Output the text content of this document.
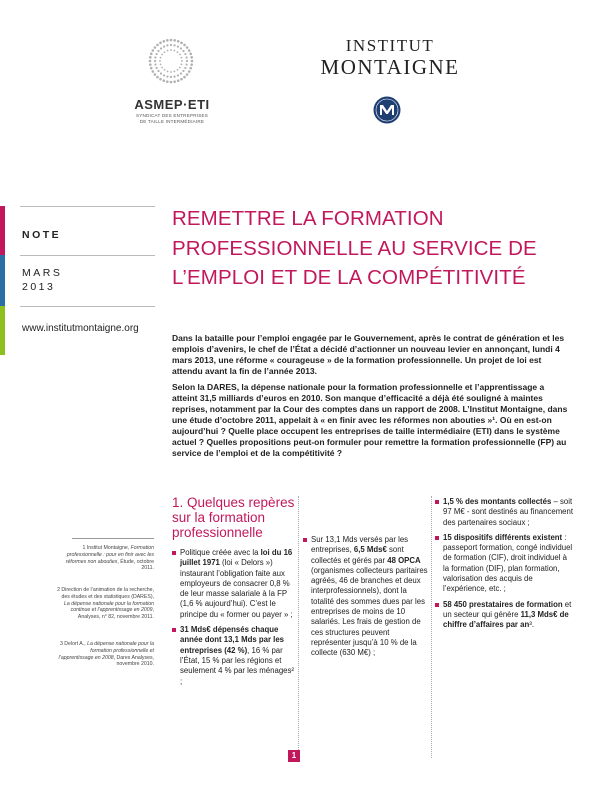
ASMEP·ETI
SYNDICAT DES ENTREPRISES
DE TAILLE INTERMÉDIAIRE
INSTITUT
MONTAIGNE
NOTE
MARS
2013
www.institutmontaigne.org
REMETTRE LA FORMATION
PROFESSIONNELLE AU SERVICE DE
L’EMPLOI ET DE LA COMPÉTITIVITÉ

Dans la bataille pour l’emploi engagée par le Gouvernement, après le contrat de génération et les emplois d’avenirs, le chef de l’État a décidé d’actionner un nouveau levier en annonçant, lundi 4 mars 2013, une réforme « courageuse » de la formation professionnelle. Un projet de loi est attendu avant la fin de l’année 2013.

Selon la DARES, la dépense nationale pour la formation professionnelle et l’apprentissage a atteint 31,5 milliards d’euros en 2010. Son manque d’efficacité a déjà été souligné à maintes reprises, notamment par la Cour des comptes dans un rapport de 2008. L’Institut Montaigne, dans une étude d’octobre 2011, appelait à « en finir avec les réformes non abouties »¹. Où en est-on aujourd’hui ? Quelle place occupent les entreprises de taille intermédiaire (ETI) dans le système actuel ? Quelles propositions peut-on formuler pour remettre la formation professionnelle (FP) au service de l’emploi et de la compétitivité ?

1 Institut Montaigne, Formation professionnelle : pour en finir avec les réformes non abouties, Étude, octobre 2011.
2 Direction de l’animation de la recherche, des études et des statistiques (DARES), La dépense nationale pour la formation continue et l’apprentissage en 2009, Analyses, n° 82, novembre 2011.
3 Delort A., La dépense nationale pour la formation professionnelle et l’apprentissage en 2008, Dares Analyses, novembre 2010.
1. Quelques repères sur la formation professionnelle
Politique créée avec la loi du 16 juillet 1971 (loi « Delors ») instaurant l’obligation faite aux employeurs de consacrer 0,8 % de leur masse salariale à la FP (1,6 % aujourd’hui). C’est le principe du « former ou payer » ;
31 Mds€ dépensés chaque année dont 13,1 Mds par les entreprises (42 %), 16 % par l’État, 15 % par les régions et seulement 4 % par les ménages² ;
Sur 13,1 Mds versés par les entreprises, 6,5 Mds€ sont collectés et gérés par 48 OPCA (organismes collecteurs paritaires agréés, 46 de branches et deux interprofessionnels), dont la totalité des sommes dues par les entreprises de moins de 10 salariés. Les frais de gestion de ces structures peuvent représenter jusqu’à 10 % de la collecte (630 M€) ;
1,5 % des montants collectés – soit 97 M€ - sont destinés au financement des partenaires sociaux ;
15 dispositifs différents existent : passeport formation, congé individuel de formation (CIF), droit individuel à la formation (DIF), plan formation, valorisation des acquis de l’expérience, etc. ;
58 450 prestataires de formation et un secteur qui génère 11,3 Mds€ de chiffre d’affaires par an³.
1
